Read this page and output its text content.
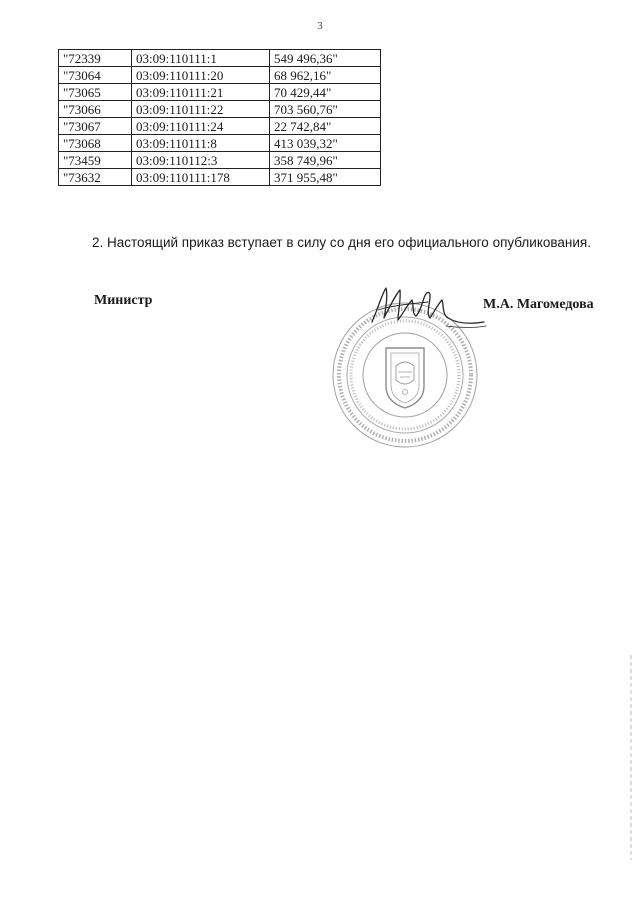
3
"72339	03:09:110111:1	549 496,36"
"73064	03:09:110111:20	68 962,16"
"73065	03:09:110111:21	70 429,44"
"73066	03:09:110111:22	703 560,76"
"73067	03:09:110111:24	22 742,84"
"73068	03:09:110111:8	413 039,32"
"73459	03:09:110112:3	358 749,96"
"73632	03:09:110111:178	371 955,48"
2. Настоящий приказ вступает в силу со дня его официального опубликования.
Министр	М.А. Магомедова
